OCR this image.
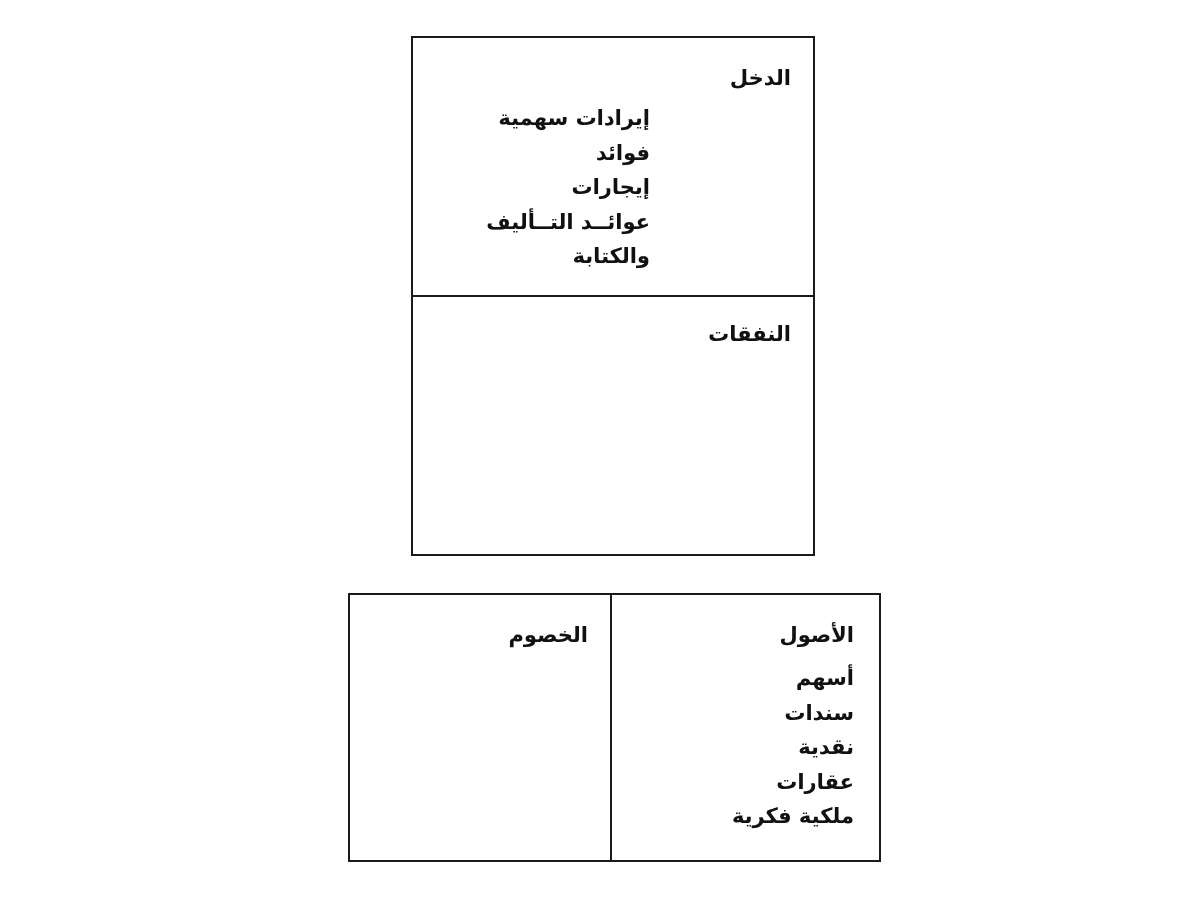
الدخل
إيرادات سهمية
فوائد
إيجارات
عوائــد التــأليف
والكتابة
النفقات
الأصول
أسهم
سندات
نقدية
عقارات
ملكية فكرية
الخصوم
